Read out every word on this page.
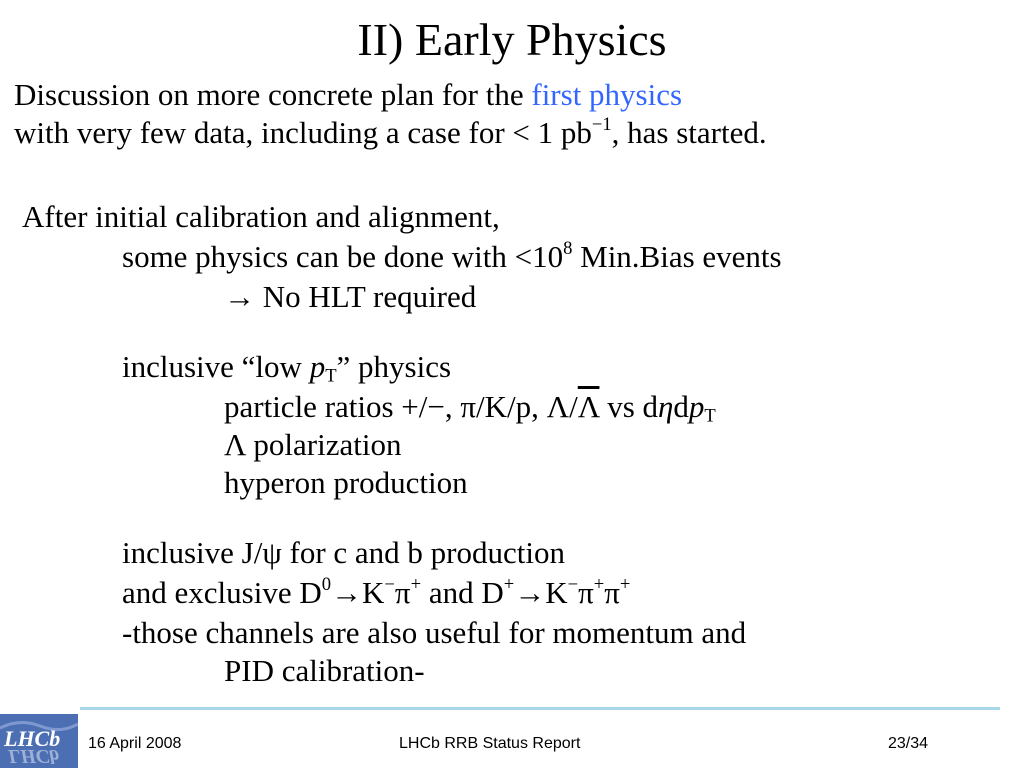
II) Early Physics
Discussion on more concrete plan for the first physics
with very few data, including a case for < 1 $pb^{-1}$, has started.
After initial calibration and alignment,
some physics can be done with $<10^8$ Min.Bias events
→ No HLT required
inclusive “low $p_T$” physics
particle ratios +/−, π/K/p, $\Lambda/\overline{\Lambda}$ vs dηdp$_T$
Λ polarization
hyperon production
inclusive J/ψ for c and b production
and exclusive $D^0\to K^-\pi^+$ and D+→K−π+π+
-those channels are also useful for momentum and
PID calibration-
LHCb
LHCb
16 April 2008	LHCb RRB Status Report	23/34
